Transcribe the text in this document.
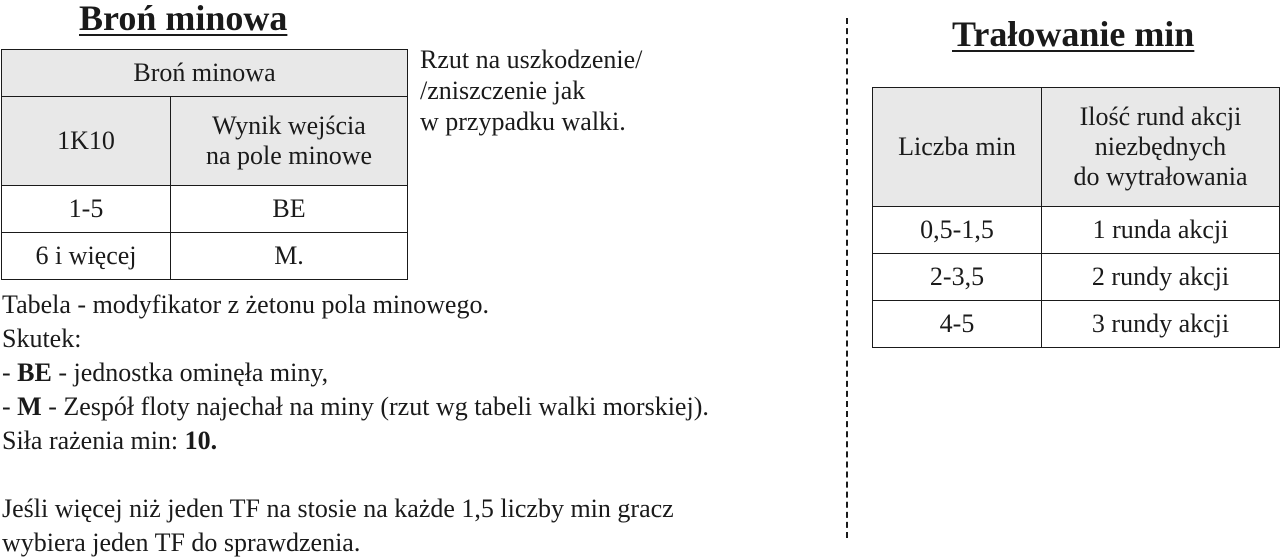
Broń minowa
Broń minowa	
1K10	Wynik wejścia
na pole minowe

1-5	BE
6 i więcej	M.
Rzut na uszkodzenie/
/zniszczenie jak
w przypadku walki.
Tabela - modyfikator z żetonu pola minowego.
Skutek:
- BE - jednostka ominęła miny,
- M - Zespół floty najechał na miny (rzut wg tabeli walki morskiej).
Siła rażenia min: 10.
Jeśli więcej niż jeden TF na stosie na każde 1,5 liczby min gracz
wybiera jeden TF do sprawdzenia.
Trałowanie min
Liczba min	Ilość rund akcji
niezbędnych
do wytrałowania

0,5-1,5	1 runda akcji
2-3,5	2 rundy akcji
4-5	3 rundy akcji
